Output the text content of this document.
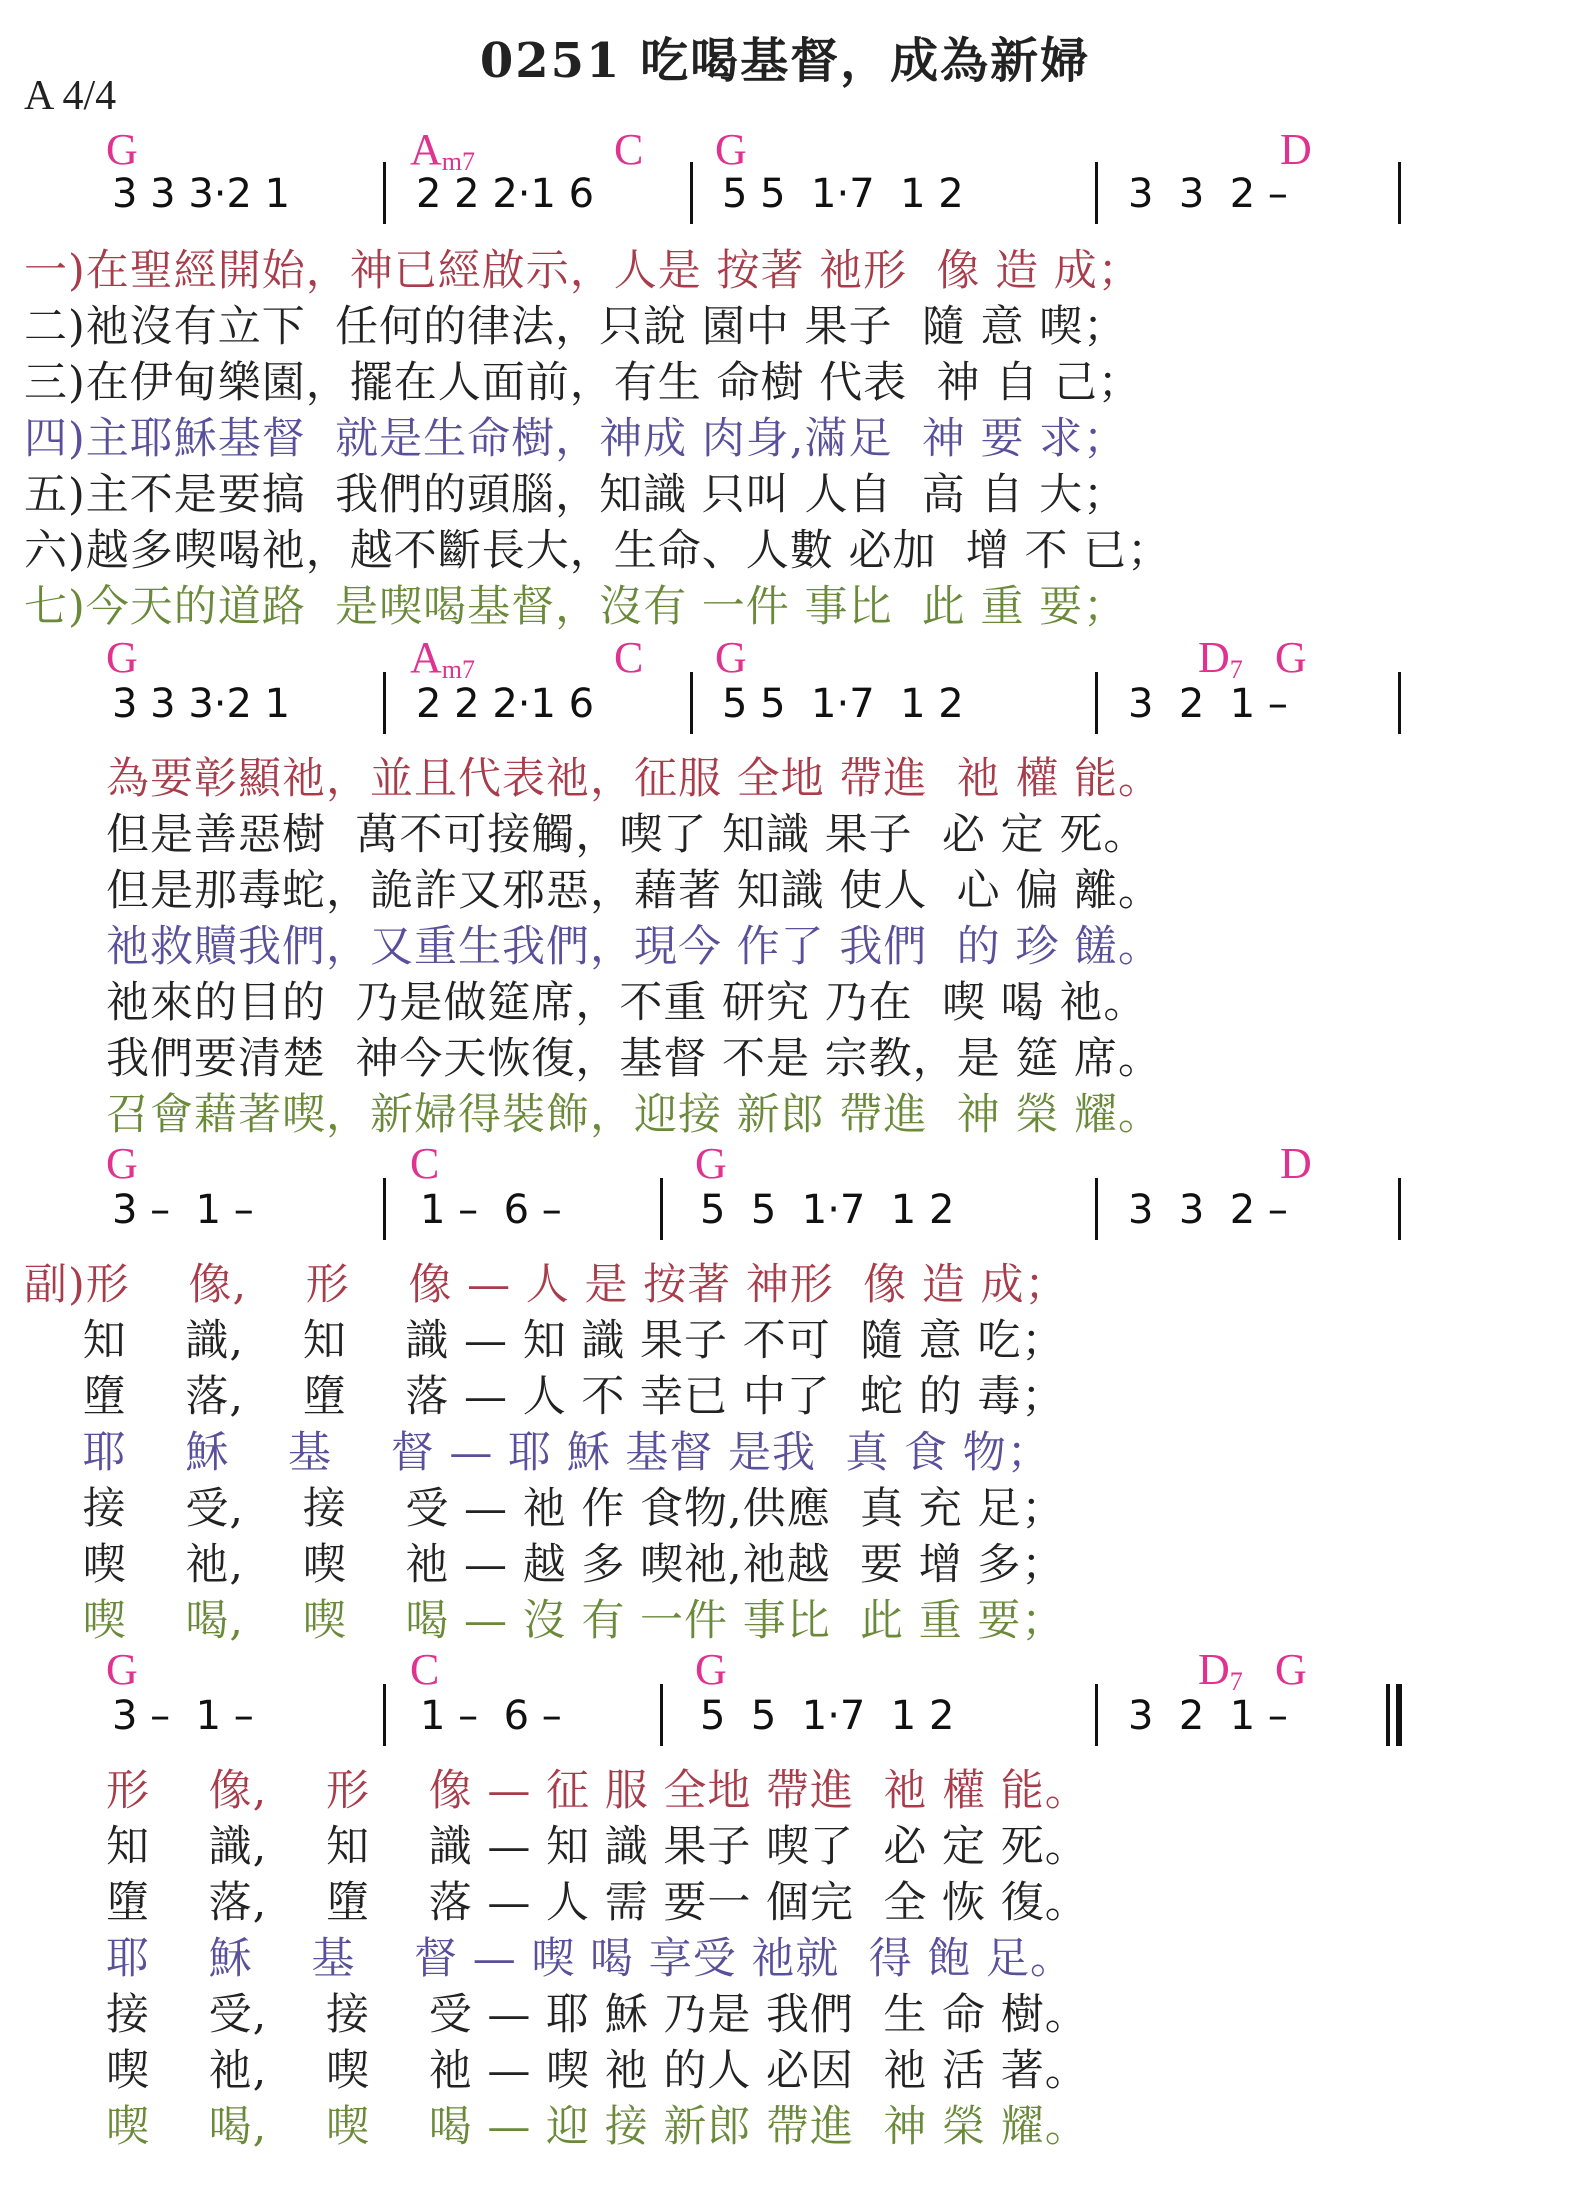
0251 吃喝基督，成為新婦
A 4/4
G	$A_{m7}$	C G	D
3 3 3·2 1	2 2 2·1 6	5 5  1·7  1 2	3  3  2 –
一)在聖經開始，神已經啟示，人是 按著 祂形  像 造 成；
二)祂沒有立下  任何的律法，只說 園中 果子  隨 意 喫；
三)在伊甸樂園，擺在人面前，有生 命樹 代表  神 自 己；
四)主耶穌基督  就是生命樹，神成 肉身,滿足  神 要 求；
五)主不是要搞  我們的頭腦，知識 只叫 人自  高 自 大；
六)越多喫喝祂，越不斷長大，生命、人數 必加  增 不 已；
七)今天的道路  是喫喝基督，沒有 一件 事比  此 重 要；
G	$A_{m7}$	C G	$D_7$ G
3 3 3·2 1	2 2 2·1 6	5 5  1·7  1 2	3  2  1 –
為要彰顯祂，並且代表祂，征服 全地 帶進  祂 權 能。
但是善惡樹  萬不可接觸，喫了 知識 果子  必 定 死。
但是那毒蛇，詭詐又邪惡，藉著 知識 使人  心 偏 離。
祂救贖我們，又重生我們，現今 作了 我們  的 珍 饈。
祂來的目的  乃是做筵席，不重 研究 乃在  喫 喝 祂。
我們要清楚  神今天恢復，基督 不是 宗教，是 筵 席。
召會藉著喫，新婦得裝飾，迎接 新郎 帶進  神 榮 耀。
G	C	G	D
3 –  1 –	1 –  6 –	5  5  1·7  1 2	3  3  2 –
副)形    像,    形    像 — 人 是 按著 神形  像 造 成；
知    識,    知    識 — 知 識 果子 不可  隨 意 吃；
墮    落,    墮    落 — 人 不 幸已 中了  蛇 的 毒；
耶    穌    基    督 — 耶 穌 基督 是我  真 食 物；
接    受,    接    受 — 祂 作 食物,供應  真 充 足；
喫    祂,    喫    祂 — 越 多 喫祂,祂越  要 增 多；
喫    喝,    喫    喝 — 沒 有 一件 事比  此 重 要；
G	C	G	$D_7$ G
3 –  1 –	1 –  6 –	5  5  1·7  1 2	3  2  1 –
形    像,    形    像 — 征 服 全地 帶進  祂 權 能。
知    識,    知    識 — 知 識 果子 喫了  必 定 死。
墮    落,    墮    落 — 人 需 要一 個完  全 恢 復。
耶    穌    基    督 — 喫 喝 享受 祂就  得 飽 足。
接    受,    接    受 — 耶 穌 乃是 我們  生 命 樹。
喫    祂,    喫    祂 — 喫 祂 的人 必因  祂 活 著。
喫    喝,    喫    喝 — 迎 接 新郎 帶進  神 榮 耀。
